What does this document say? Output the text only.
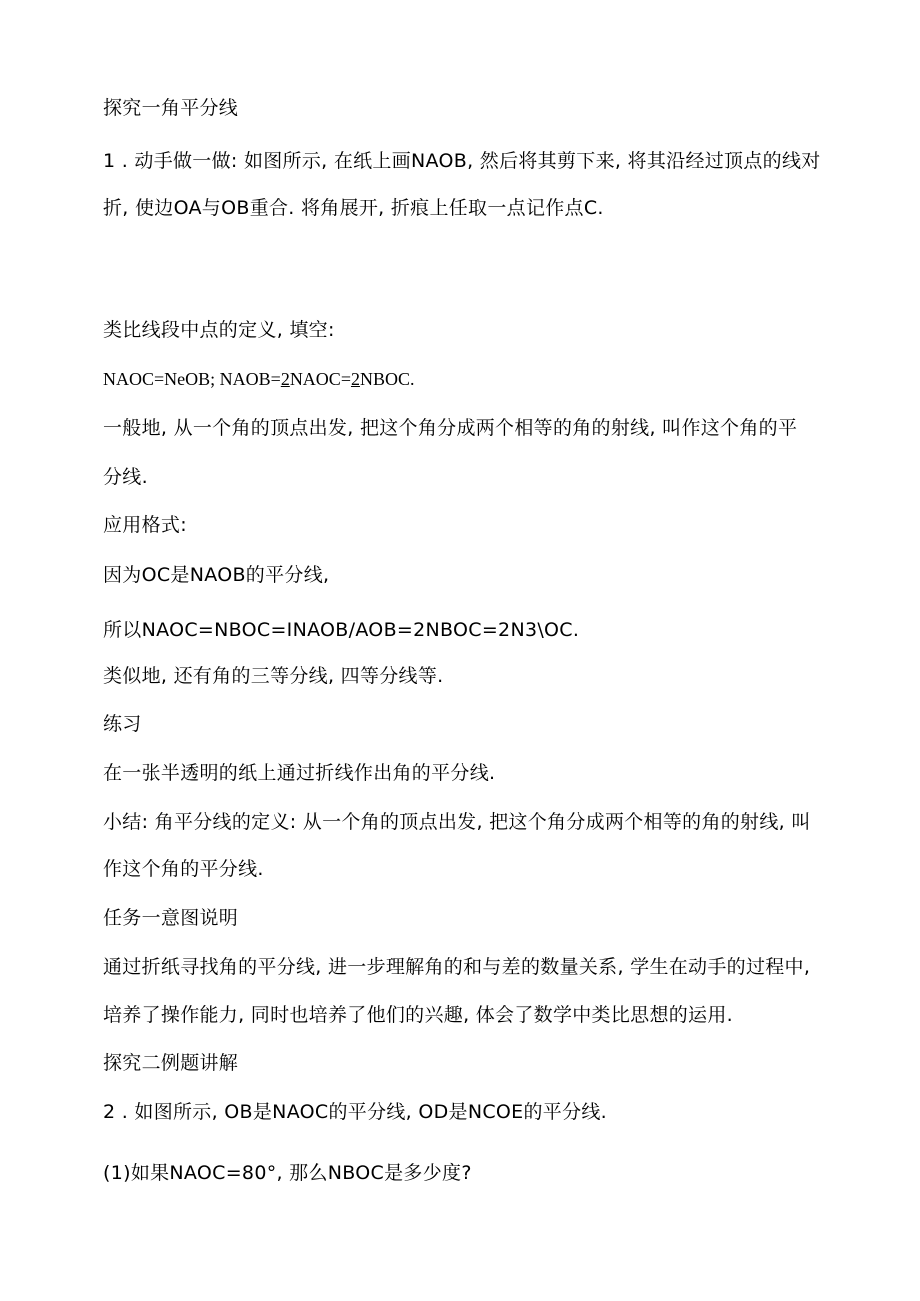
探究一角平分线
1 . 动手做一做: 如图所示, 在纸上画NAOB, 然后将其剪下来, 将其沿经过顶点的线对
折, 使边OA与OB重合. 将角展开, 折痕上任取一点记作点C.
类比线段中点的定义, 填空:
NAOC=NeOB; NAOB=2NAOC=2NBOC.
一般地, 从一个角的顶点出发, 把这个角分成两个相等的角的射线, 叫作这个角的平
分线.
应用格式:
因为OC是NAOB的平分线,
所以NAOC=NBOC=INAOB/AOB=2NBOC=2N3\OC.
类似地, 还有角的三等分线, 四等分线等.
练习
在一张半透明的纸上通过折线作出角的平分线.
小结: 角平分线的定义: 从一个角的顶点出发, 把这个角分成两个相等的角的射线, 叫
作这个角的平分线.
任务一意图说明
通过折纸寻找角的平分线, 进一步理解角的和与差的数量关系, 学生在动手的过程中,
培养了操作能力, 同时也培养了他们的兴趣, 体会了数学中类比思想的运用.
探究二例题讲解
2 . 如图所示, OB是NAOC的平分线, OD是NCOE的平分线.
(1)如果NAOC=80°, 那么NBOC是多少度?
